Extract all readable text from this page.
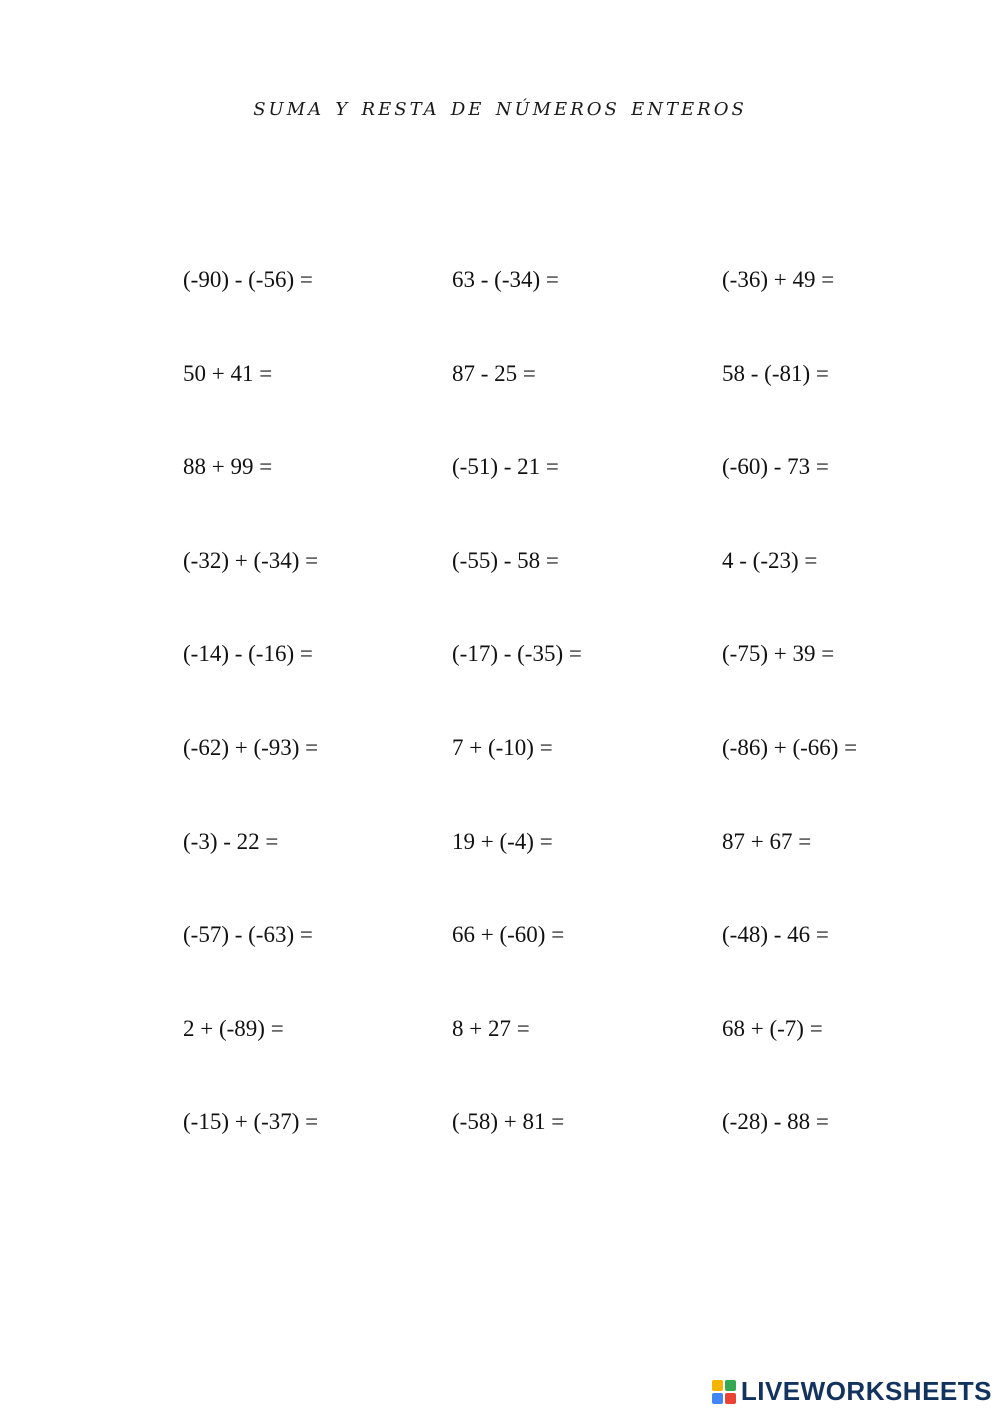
suma y resta de números enteros
(-90) - (-56) =	63 - (-34) =	(-36) + 49 =
50 + 41 =	87 - 25 =	58 - (-81) =
88 + 99 =	(-51) - 21 =	(-60) - 73 =
(-32) + (-34) =	(-55) - 58 =	4 - (-23) =
(-14) - (-16) =	(-17) - (-35) =	(-75) + 39 =
(-62) + (-93) =	7 + (-10) =	(-86) + (-66) =
(-3) - 22 =	19 + (-4) =	87 + 67 =
(-57) - (-63) =	66 + (-60) =	(-48) - 46 =
2 + (-89) =	8 + 27 =	68 + (-7) =
(-15) + (-37) =	(-58) + 81 =	(-28) - 88 =
LIVEWORKSHEETS
